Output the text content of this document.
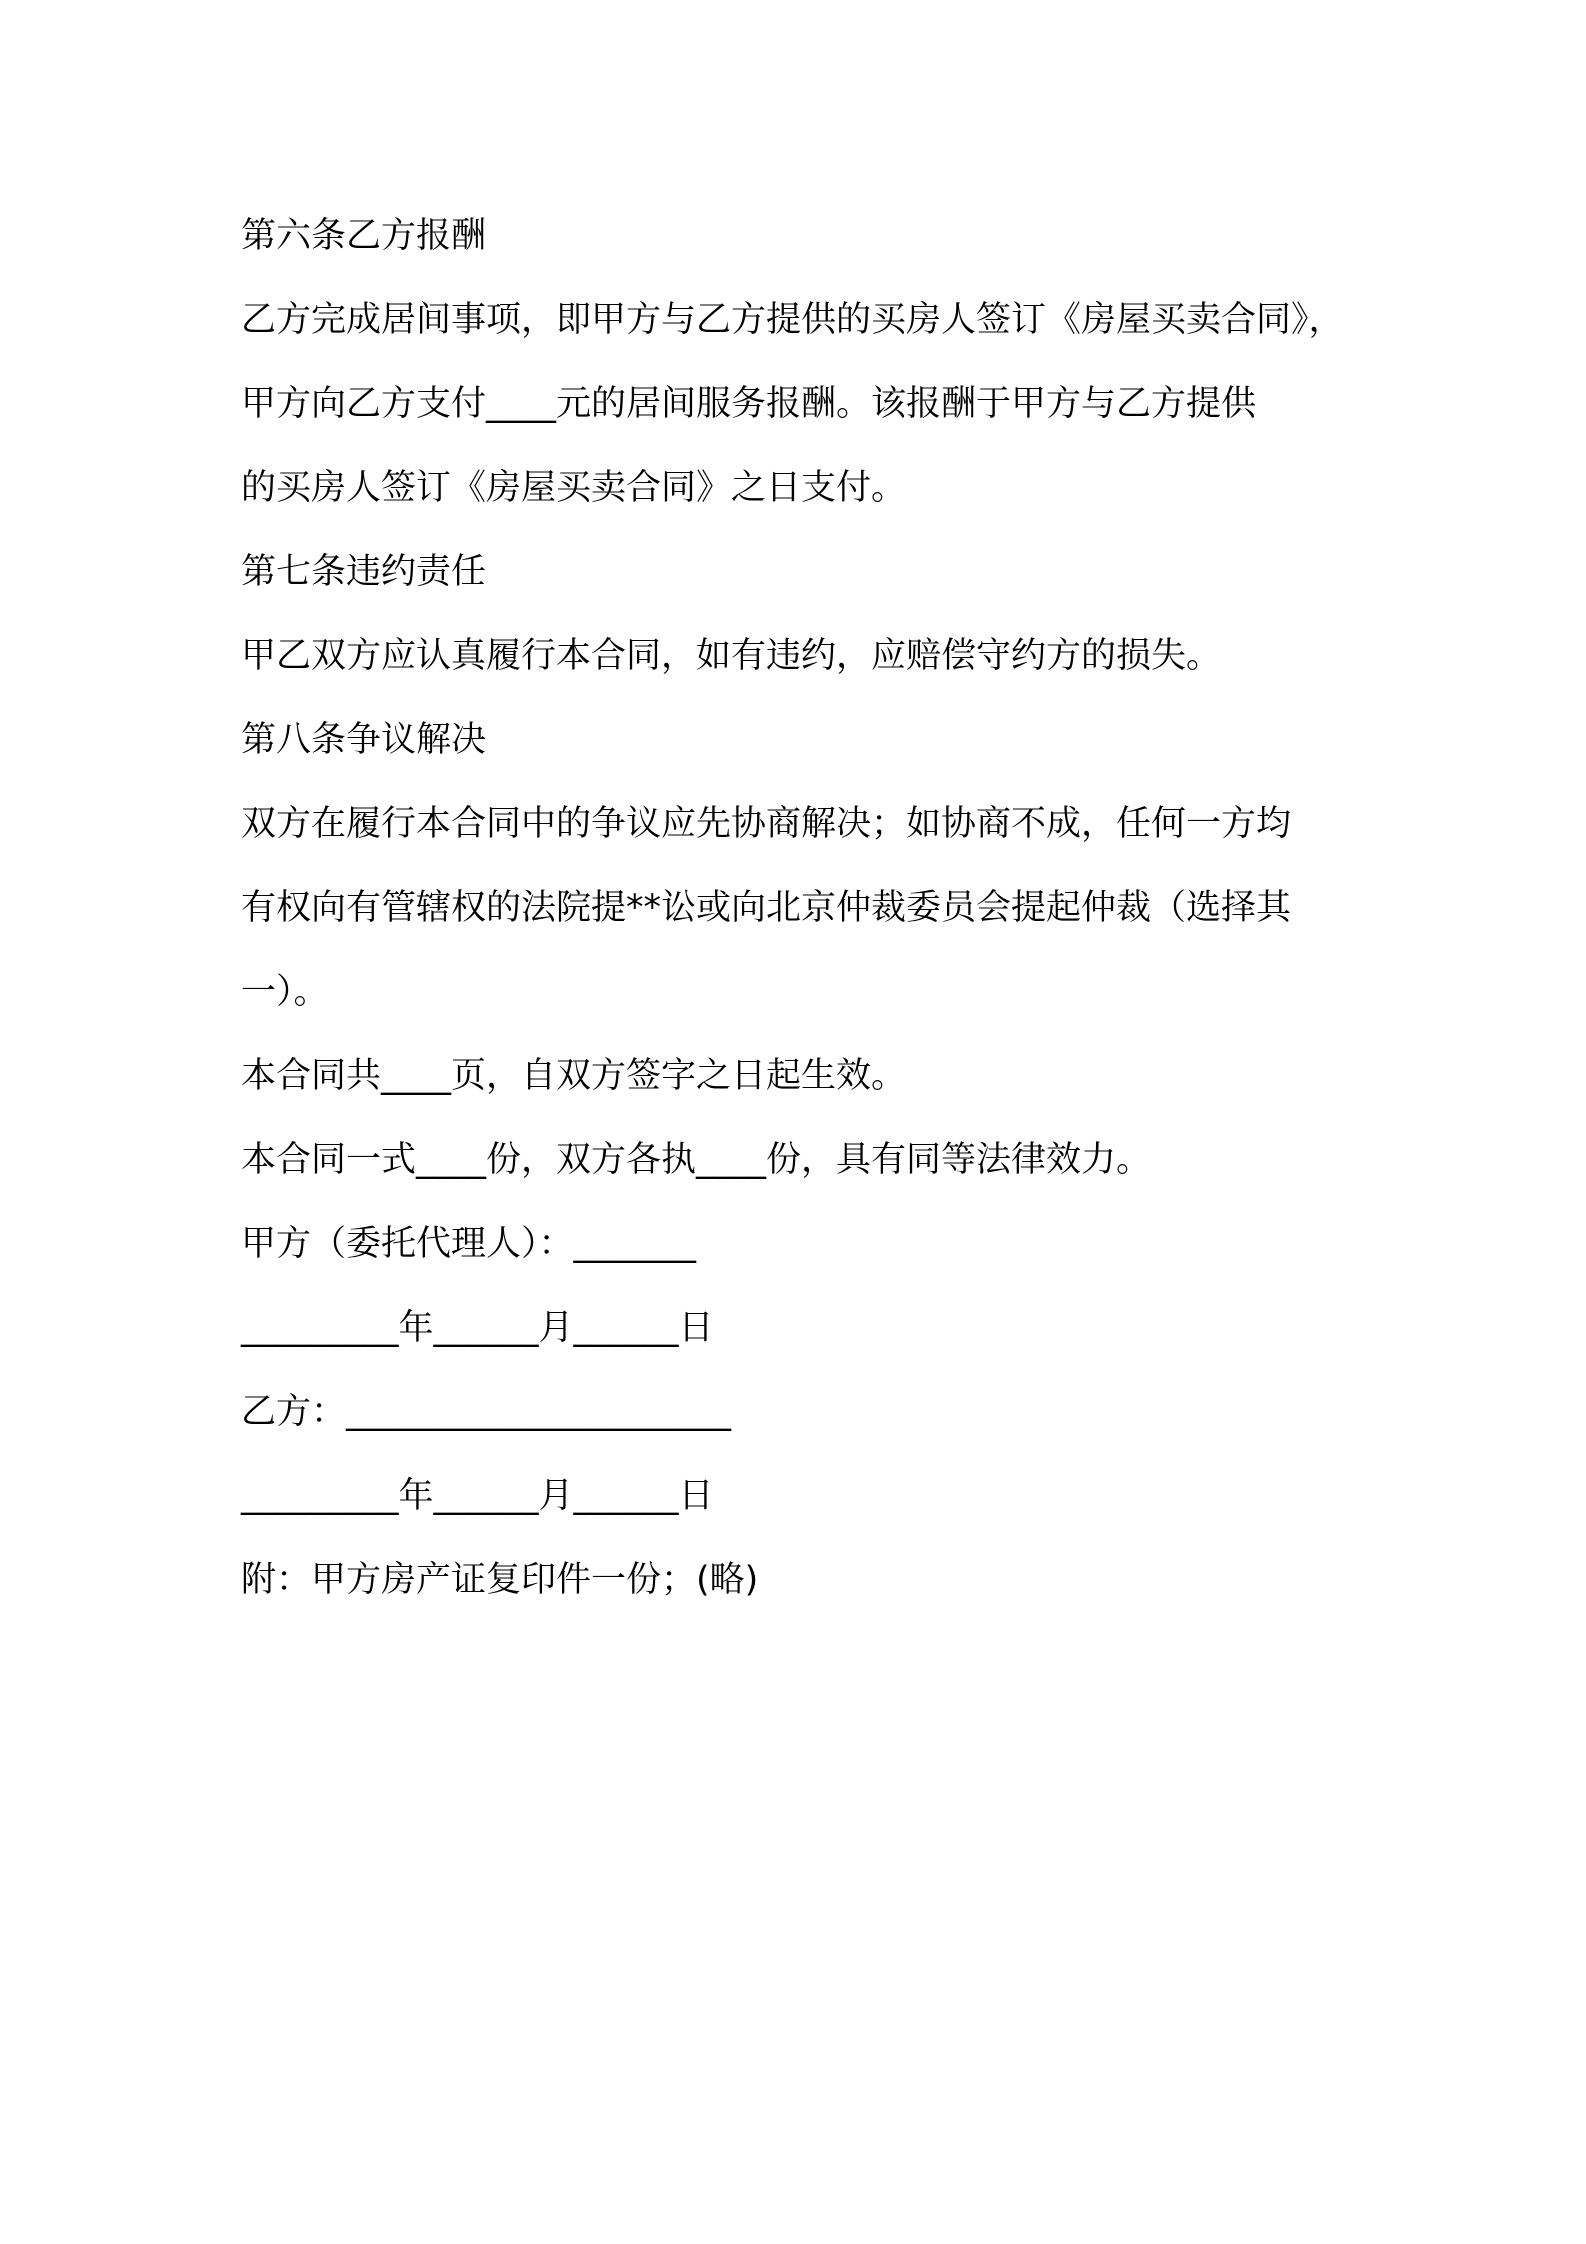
第六条乙方报酬
乙方完成居间事项，即甲方与乙方提供的买房人签订《房屋买卖合同》，
甲方向乙方支付____元的居间服务报酬。该报酬于甲方与乙方提供
的买房人签订《房屋买卖合同》之日支付。
第七条违约责任
甲乙双方应认真履行本合同，如有违约，应赔偿守约方的损失。
第八条争议解决
双方在履行本合同中的争议应先协商解决；如协商不成，任何一方均
有权向有管辖权的法院提**讼或向北京仲裁委员会提起仲裁（选择其
一）。
本合同共____页，自双方签字之日起生效。
本合同一式____份，双方各执____份，具有同等法律效力。
甲方（委托代理人）：_______
_________年______月______日
乙方：______________________
_________年______月______日
附：甲方房产证复印件一份；(略)
